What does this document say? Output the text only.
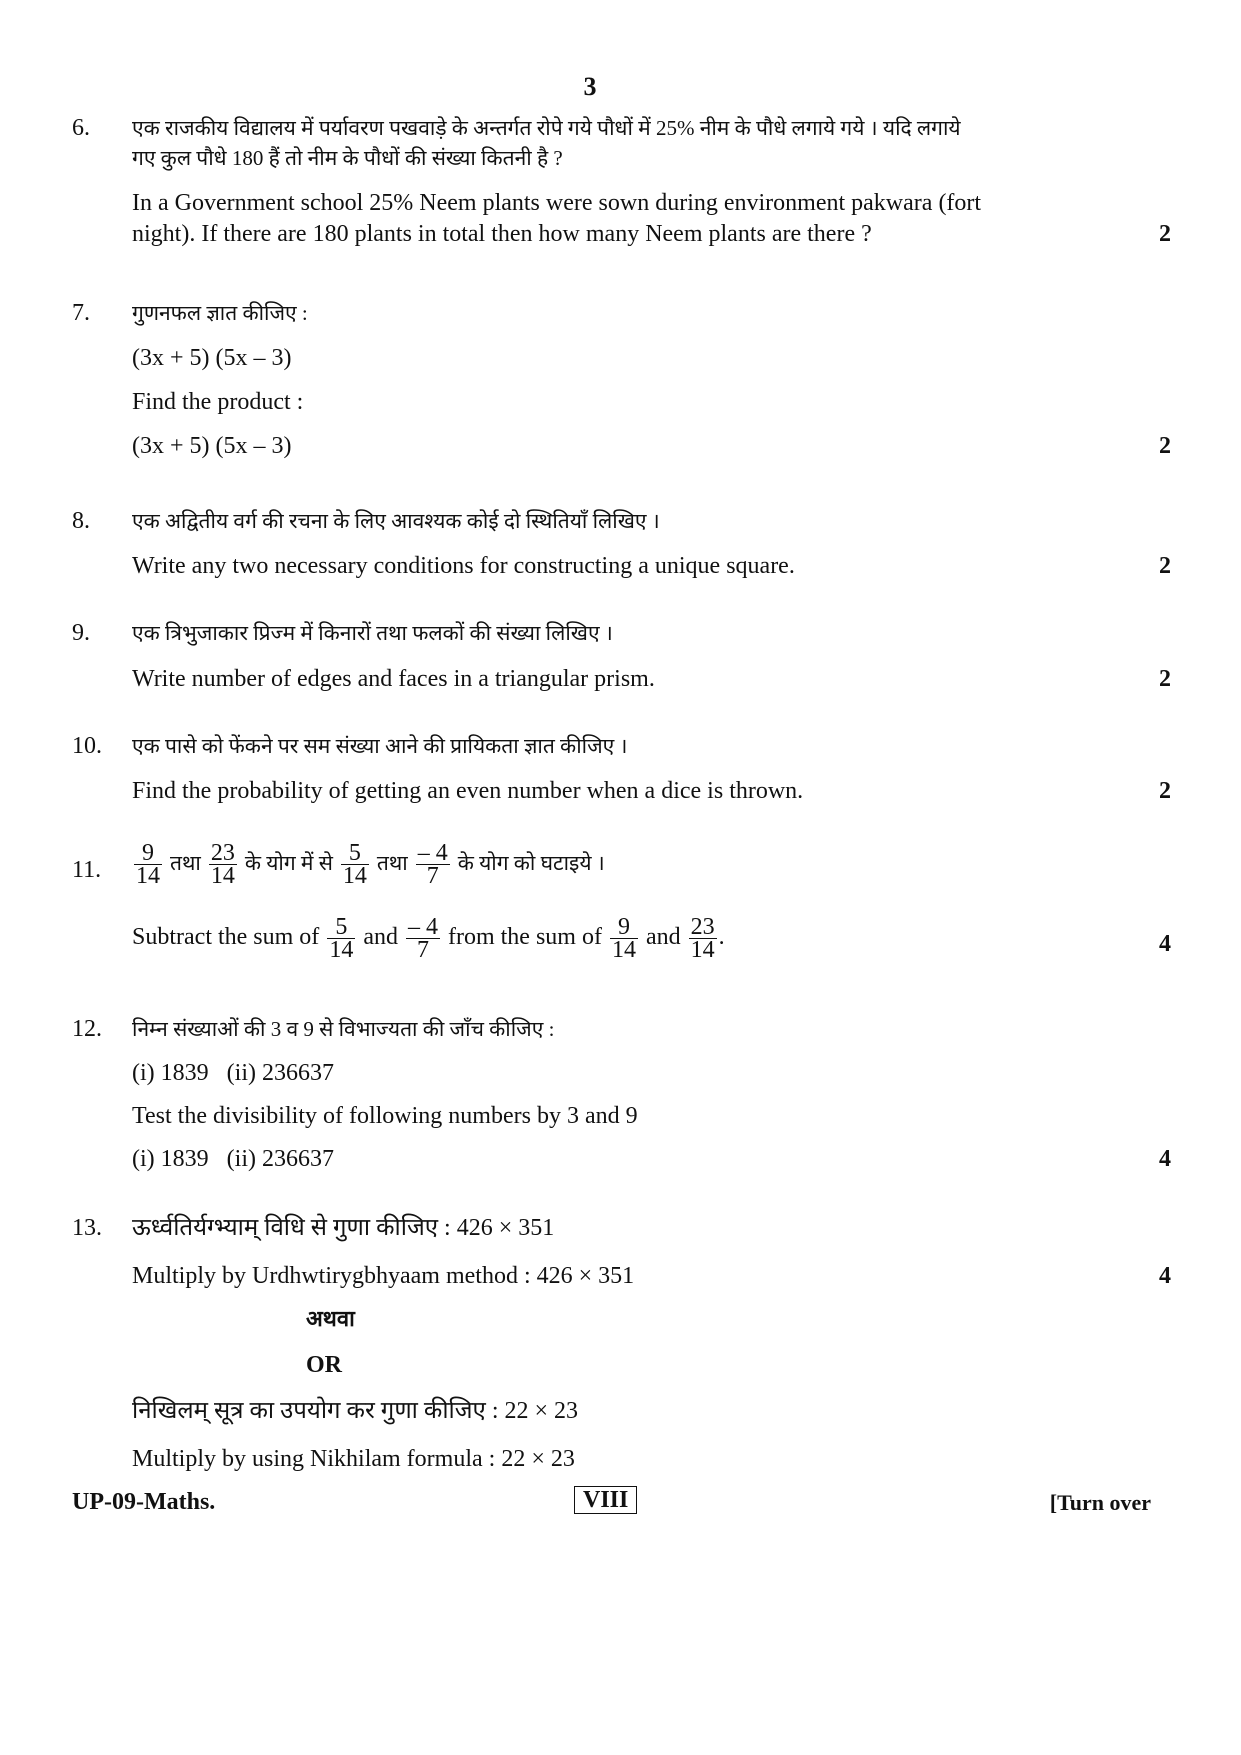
3
6. एक राजकीय विद्यालय में पर्यावरण पखवाड़े के अन्तर्गत रोपे गये पौधों में 25% नीम के पौधे लगाये गये । यदि लगाये
गए कुल पौधे 180 हैं तो नीम के पौधों की संख्या कितनी है ?
In a Government school 25% Neem plants were sown during environment pakwara (fort
night). If there are 180 plants in total then how many Neem plants are there ?	2
7. गुणनफल ज्ञात कीजिए :
(3x + 5) (5x – 3)
Find the product :
(3x + 5) (5x – 3)	2
8. एक अद्वितीय वर्ग की रचना के लिए आवश्यक कोई दो स्थितियाँ लिखिए ।
Write any two necessary conditions for constructing a unique square.	2
9. एक त्रिभुजाकार प्रिज्म में किनारों तथा फलकों की संख्या लिखिए ।
Write number of edges and faces in a triangular prism.	2
10. एक पासे को फेंकने पर सम संख्या आने की प्रायिकता ज्ञात कीजिए ।
Find the probability of getting an even number when a dice is thrown.	2
11. $\frac{9}{14}$ तथा $\frac{23}{14}$ के योग में से $\frac{5}{14}$ तथा $\frac{- 4}{7}$ के योग को घटाइये ।
Subtract the sum of $\frac{5}{14}$ and $\frac{- 4}{7}$ from the sum of $\frac{9}{14}$ and $\frac{23}{14}$ .	4
12. निम्न संख्याओं की 3 व 9 से विभाज्यता की जाँच कीजिए :
(i) 1839   (ii) 236637
Test the divisibility of following numbers by 3 and 9
(i) 1839   (ii) 236637	4
13. ऊर्ध्वतिर्यग्भ्याम् विधि से गुणा कीजिए : 426 × 351
Multiply by Urdhwtirygbhyaam method : 426 × 351	4
अथवा
OR
निखिलम् सूत्र का उपयोग कर गुणा कीजिए : 22 × 23
Multiply by using Nikhilam formula : 22 × 23
UP-09-Maths.	VIII	[Turn over
